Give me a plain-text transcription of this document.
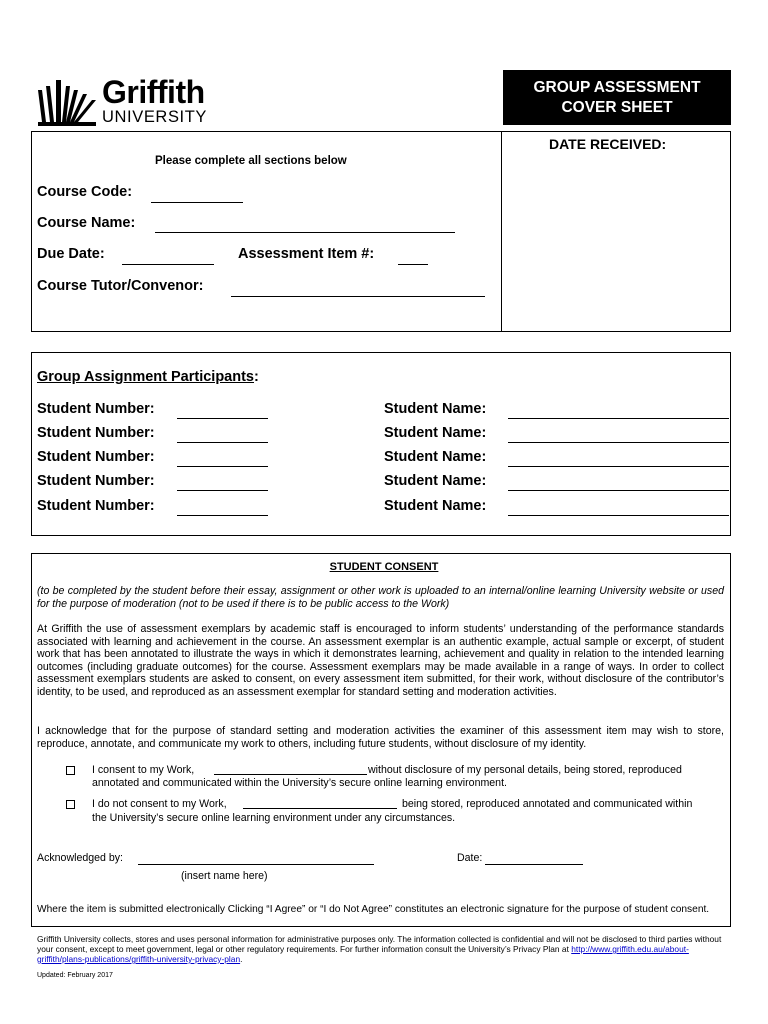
Griffith
UNIVERSITY
GROUP ASSESSMENT
COVER SHEET
DATE RECEIVED:
Please complete all sections below
Course Code:
Course Name:
Due Date:	Assessment Item #:
Course Tutor/Convenor:
Group Assignment Participants:
Student Number:	Student Name:
Student Number:	Student Name:
Student Number:	Student Name:
Student Number:	Student Name:
Student Number:	Student Name:
STUDENT CONSENT
(to be completed by the student before their essay, assignment or other work is uploaded to an internal/online learning University website or used for the purpose of moderation (not to be used if there is to be public access to the Work)
At Griffith the use of assessment exemplars by academic staff is encouraged to inform students’ understanding of the performance standards associated with learning and achievement in the course. An assessment exemplar is an authentic example, actual sample or excerpt, of student work that has been annotated to illustrate the ways in which it demonstrates learning, achievement and quality in relation to the intended learning outcomes (including graduate outcomes) for the course. Assessment exemplars may be made available in a range of ways. In order to collect assessment exemplars students are asked to consent, on every assessment item submitted, for their work, without disclosure of the contributor’s identity, to be used, and reproduced as an assessment exemplar for standard setting and moderation activities.
I acknowledge that for the purpose of standard setting and moderation activities the examiner of this assessment item may wish to store, reproduce, annotate, and communicate my work to others, including future students, without disclosure of my identity.
I consent to my Work,	without disclosure of my personal details, being stored, reproduced
annotated and communicated within the University’s secure online learning environment.
I do not consent to my Work,	being stored, reproduced annotated and communicated within
the University’s secure online learning environment under any circumstances.
Acknowledged by:	Date:
(insert name here)
Where the item is submitted electronically Clicking “I Agree” or “I do Not Agree” constitutes an electronic signature for the purpose of student consent.
Griffith University collects, stores and uses personal information for administrative purposes only. The information collected is confidential and will not be disclosed to third parties without your consent, except to meet government, legal or other regulatory requirements. For further information consult the University’s Privacy Plan at http://www.griffith.edu.au/about-griffith/plans-publications/griffith-university-privacy-plan.
Updated: February 2017
